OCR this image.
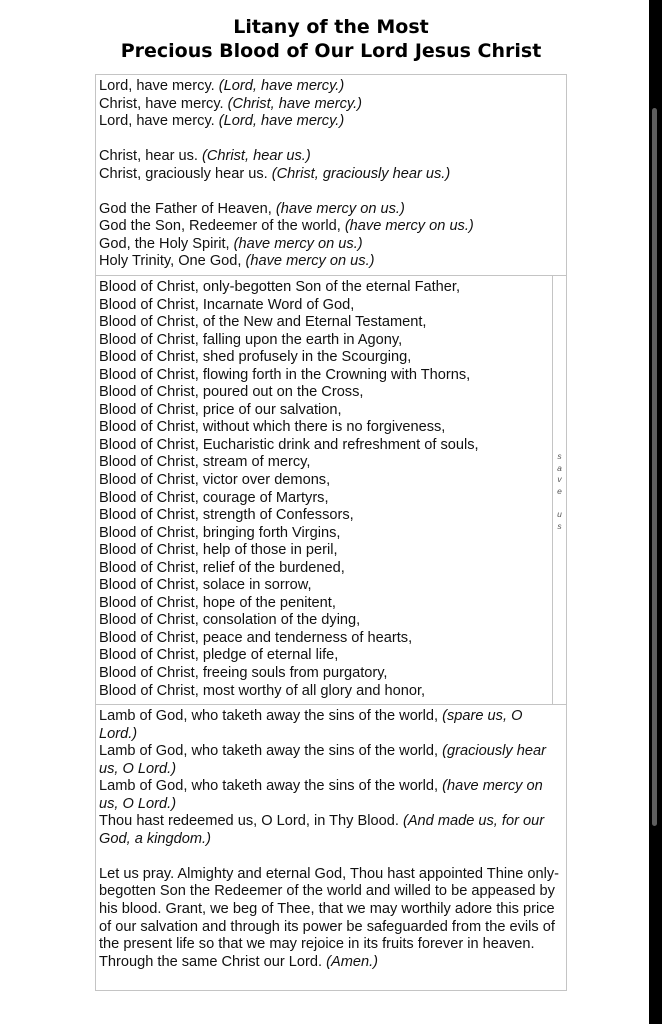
Litany of the Most
Precious Blood of Our Lord Jesus Christ
Lord, have mercy. (Lord, have mercy.)
Christ, have mercy. (Christ, have mercy.)
Lord, have mercy. (Lord, have mercy.)
Christ, hear us. (Christ, hear us.)
Christ, graciously hear us. (Christ, graciously hear us.)
God the Father of Heaven, (have mercy on us.)
God the Son, Redeemer of the world, (have mercy on us.)
God, the Holy Spirit, (have mercy on us.)
Holy Trinity, One God, (have mercy on us.)
Blood of Christ, only-begotten Son of the eternal Father,
Blood of Christ, Incarnate Word of God,
Blood of Christ, of the New and Eternal Testament,
Blood of Christ, falling upon the earth in Agony,
Blood of Christ, shed profusely in the Scourging,
Blood of Christ, flowing forth in the Crowning with Thorns,
Blood of Christ, poured out on the Cross,
Blood of Christ, price of our salvation,
Blood of Christ, without which there is no forgiveness,
Blood of Christ, Eucharistic drink and refreshment of souls,
Blood of Christ, stream of mercy,
Blood of Christ, victor over demons,
Blood of Christ, courage of Martyrs,
Blood of Christ, strength of Confessors,
Blood of Christ, bringing forth Virgins,
Blood of Christ, help of those in peril,
Blood of Christ, relief of the burdened,
Blood of Christ, solace in sorrow,
Blood of Christ, hope of the penitent,
Blood of Christ, consolation of the dying,
Blood of Christ, peace and tenderness of hearts,
Blood of Christ, pledge of eternal life,
Blood of Christ, freeing souls from purgatory,
Blood of Christ, most worthy of all glory and honor,
s
a
v
e

u
s
Lamb of God, who taketh away the sins of the world, (spare us, O Lord.)
Lamb of God, who taketh away the sins of the world, (graciously hear us, O Lord.)
Lamb of God, who taketh away the sins of the world, (have mercy on us, O Lord.)
Thou hast redeemed us, O Lord, in Thy Blood. (And made us, for our God, a kingdom.)
Let us pray. Almighty and eternal God, Thou hast appointed Thine only-begotten Son the Redeemer of the world and willed to be appeased by his blood. Grant, we beg of Thee, that we may worthily adore this price of our salvation and through its power be safeguarded from the evils of the present life so that we may rejoice in its fruits forever in heaven. Through the same Christ our Lord. (Amen.)
